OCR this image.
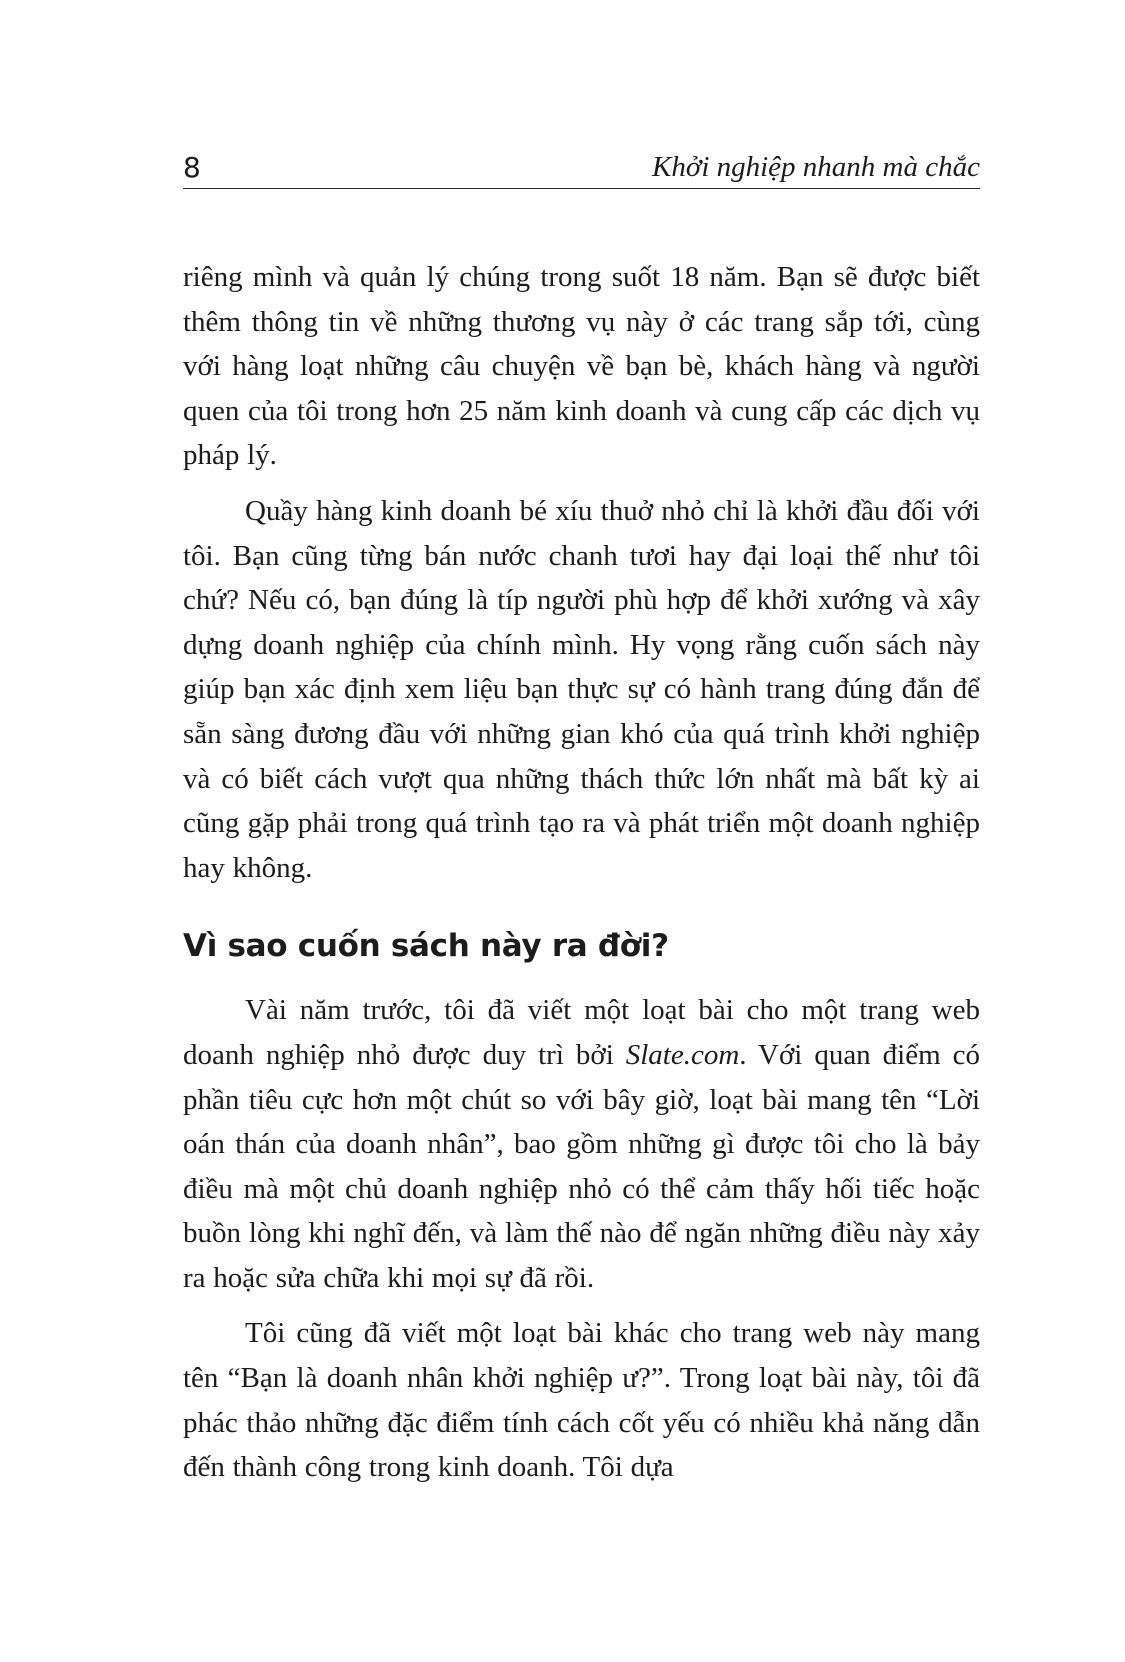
8	Khởi nghiệp nhanh mà chắc

riêng mình và quản lý chúng trong suốt 18 năm. Bạn sẽ được biết thêm thông tin về những thương vụ này ở các trang sắp tới, cùng với hàng loạt những câu chuyện về bạn bè, khách hàng và người quen của tôi trong hơn 25 năm kinh doanh và cung cấp các dịch vụ pháp lý.

Quầy hàng kinh doanh bé xíu thuở nhỏ chỉ là khởi đầu đối với tôi. Bạn cũng từng bán nước chanh tươi hay đại loại thế như tôi chứ? Nếu có, bạn đúng là típ người phù hợp để khởi xướng và xây dựng doanh nghiệp của chính mình. Hy vọng rằng cuốn sách này giúp bạn xác định xem liệu bạn thực sự có hành trang đúng đắn để sẵn sàng đương đầu với những gian khó của quá trình khởi nghiệp và có biết cách vượt qua những thách thức lớn nhất mà bất kỳ ai cũng gặp phải trong quá trình tạo ra và phát triển một doanh nghiệp hay không.

Vì sao cuốn sách này ra đời?

Vài năm trước, tôi đã viết một loạt bài cho một trang web doanh nghiệp nhỏ được duy trì bởi Slate.com. Với quan điểm có phần tiêu cực hơn một chút so với bây giờ, loạt bài mang tên “Lời oán thán của doanh nhân”, bao gồm những gì được tôi cho là bảy điều mà một chủ doanh nghiệp nhỏ có thể cảm thấy hối tiếc hoặc buồn lòng khi nghĩ đến, và làm thế nào để ngăn những điều này xảy ra hoặc sửa chữa khi mọi sự đã rồi.

Tôi cũng đã viết một loạt bài khác cho trang web này mang tên “Bạn là doanh nhân khởi nghiệp ư?”. Trong loạt bài này, tôi đã phác thảo những đặc điểm tính cách cốt yếu có nhiều khả năng dẫn đến thành công trong kinh doanh. Tôi dựa
